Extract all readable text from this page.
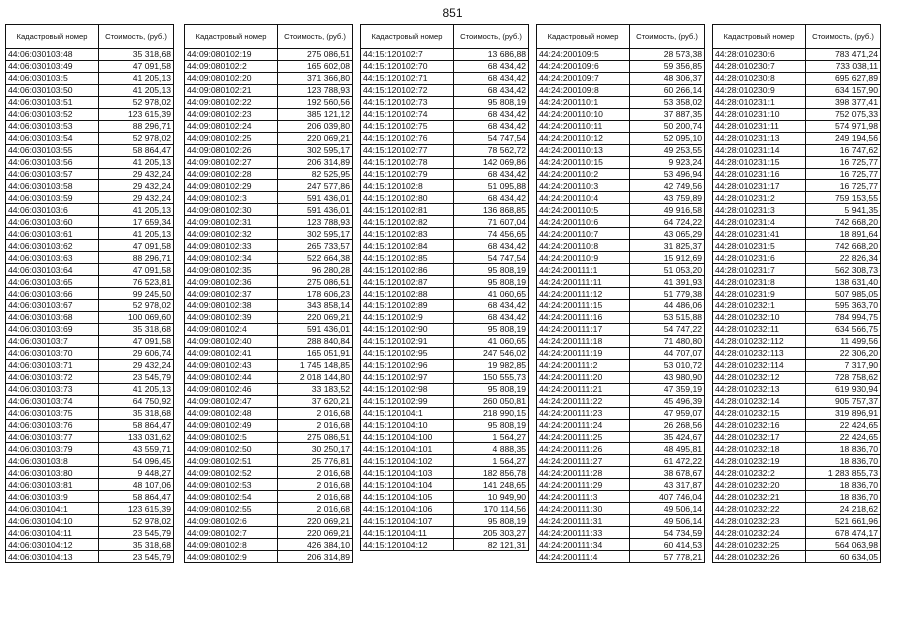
851
Кадастровый номер	Стоимость, (руб.)
44:06:030103:48	35 318,68
44:06:030103:49	47 091,58
44:06:030103:5	41 205,13
44:06:030103:50	41 205,13
44:06:030103:51	52 978,02
44:06:030103:52	123 615,39
44:06:030103:53	88 296,71
44:06:030103:54	52 978,02
44:06:030103:55	58 864,47
44:06:030103:56	41 205,13
44:06:030103:57	29 432,24
44:06:030103:58	29 432,24
44:06:030103:59	29 432,24
44:06:030103:6	41 205,13
44:06:030103:60	17 659,34
44:06:030103:61	41 205,13
44:06:030103:62	47 091,58
44:06:030103:63	88 296,71
44:06:030103:64	47 091,58
44:06:030103:65	76 523,81
44:06:030103:66	99 245,50
44:06:030103:67	52 978,02
44:06:030103:68	100 069,60
44:06:030103:69	35 318,68
44:06:030103:7	47 091,58
44:06:030103:70	29 606,74
44:06:030103:71	29 432,24
44:06:030103:72	23 545,79
44:06:030103:73	41 205,13
44:06:030103:74	64 750,92
44:06:030103:75	35 318,68
44:06:030103:76	58 864,47
44:06:030103:77	133 031,62
44:06:030103:79	43 559,71
44:06:030103:8	54 096,45
44:06:030103:80	9 448,27
44:06:030103:81	48 107,06
44:06:030103:9	58 864,47
44:06:030104:1	123 615,39
44:06:030104:10	52 978,02
44:06:030104:11	23 545,79
44:06:030104:12	35 318,68
44:06:030104:13	23 545,79
Кадастровый номер	Стоимость, (руб.)
44:09:080102:19	275 086,51
44:09:080102:2	165 602,08
44:09:080102:20	371 366,80
44:09:080102:21	123 788,93
44:09:080102:22	192 560,56
44:09:080102:23	385 121,12
44:09:080102:24	206 039,80
44:09:080102:25	220 069,21
44:09:080102:26	302 595,17
44:09:080102:27	206 314,89
44:09:080102:28	82 525,95
44:09:080102:29	247 577,86
44:09:080102:3	591 436,01
44:09:080102:30	591 436,01
44:09:080102:31	123 788,93
44:09:080102:32	302 595,17
44:09:080102:33	265 733,57
44:09:080102:34	522 664,38
44:09:080102:35	96 280,28
44:09:080102:36	275 086,51
44:09:080102:37	178 606,23
44:09:080102:38	343 858,14
44:09:080102:39	220 069,21
44:09:080102:4	591 436,01
44:09:080102:40	288 840,84
44:09:080102:41	165 051,91
44:09:080102:43	1 745 148,85
44:09:080102:44	2 018 144,80
44:09:080102:46	33 183,52
44:09:080102:47	37 620,21
44:09:080102:48	2 016,68
44:09:080102:49	2 016,68
44:09:080102:5	275 086,51
44:09:080102:50	30 250,17
44:09:080102:51	25 776,81
44:09:080102:52	2 016,68
44:09:080102:53	2 016,68
44:09:080102:54	2 016,68
44:09:080102:55	2 016,68
44:09:080102:6	220 069,21
44:09:080102:7	220 069,21
44:09:080102:8	426 384,10
44:09:080102:9	206 314,89
Кадастровый номер	Стоимость, (руб.)
44:15:120102:7	13 686,88
44:15:120102:70	68 434,42
44:15:120102:71	68 434,42
44:15:120102:72	68 434,42
44:15:120102:73	95 808,19
44:15:120102:74	68 434,42
44:15:120102:75	68 434,42
44:15:120102:76	54 747,54
44:15:120102:77	78 562,72
44:15:120102:78	142 069,86
44:15:120102:79	68 434,42
44:15:120102:8	51 095,88
44:15:120102:80	68 434,42
44:15:120102:81	136 868,85
44:15:120102:82	71 607,04
44:15:120102:83	74 456,65
44:15:120102:84	68 434,42
44:15:120102:85	54 747,54
44:15:120102:86	95 808,19
44:15:120102:87	95 808,19
44:15:120102:88	41 060,65
44:15:120102:89	68 434,42
44:15:120102:9	68 434,42
44:15:120102:90	95 808,19
44:15:120102:91	41 060,65
44:15:120102:95	247 546,02
44:15:120102:96	19 982,85
44:15:120102:97	150 555,73
44:15:120102:98	95 808,19
44:15:120102:99	260 050,81
44:15:120104:1	218 990,15
44:15:120104:10	95 808,19
44:15:120104:100	1 564,27
44:15:120104:101	4 888,35
44:15:120104:102	1 564,27
44:15:120104:103	182 856,78
44:15:120104:104	141 248,65
44:15:120104:105	10 949,90
44:15:120104:106	170 114,56
44:15:120104:107	95 808,19
44:15:120104:11	205 303,27
44:15:120104:12	82 121,31
Кадастровый номер	Стоимость, (руб.)
44:24:200109:5	28 573,38
44:24:200109:6	59 356,85
44:24:200109:7	48 306,37
44:24:200109:8	60 266,14
44:24:200110:1	53 358,02
44:24:200110:10	37 887,35
44:24:200110:11	50 200,74
44:24:200110:12	52 095,10
44:24:200110:13	49 253,55
44:24:200110:15	9 923,24
44:24:200110:2	53 496,94
44:24:200110:3	42 749,56
44:24:200110:4	43 759,89
44:24:200110:5	49 916,58
44:24:200110:6	64 724,22
44:24:200110:7	43 065,29
44:24:200110:8	31 825,37
44:24:200110:9	15 912,69
44:24:200111:1	51 053,20
44:24:200111:11	41 391,93
44:24:200111:12	51 779,38
44:24:200111:15	44 486,06
44:24:200111:16	53 515,88
44:24:200111:17	54 747,22
44:24:200111:18	71 480,80
44:24:200111:19	44 707,07
44:24:200111:2	53 010,72
44:24:200111:20	43 980,90
44:24:200111:21	47 359,19
44:24:200111:22	45 496,39
44:24:200111:23	47 959,07
44:24:200111:24	26 268,56
44:24:200111:25	35 424,67
44:24:200111:26	48 495,81
44:24:200111:27	61 472,22
44:24:200111:28	38 678,67
44:24:200111:29	43 317,87
44:24:200111:3	407 746,04
44:24:200111:30	49 506,14
44:24:200111:31	49 506,14
44:24:200111:33	54 734,59
44:24:200111:34	60 414,53
44:24:200111:4	57 778,21
Кадастровый номер	Стоимость, (руб.)
44:28:010230:6	783 471,24
44:28:010230:7	733 038,11
44:28:010230:8	695 627,89
44:28:010230:9	634 157,90
44:28:010231:1	398 377,41
44:28:010231:10	752 075,33
44:28:010231:11	574 971,98
44:28:010231:13	249 194,56
44:28:010231:14	16 747,62
44:28:010231:15	16 725,77
44:28:010231:16	16 725,77
44:28:010231:17	16 725,77
44:28:010231:2	759 153,55
44:28:010231:3	5 941,35
44:28:010231:4	742 668,20
44:28:010231:41	18 891,64
44:28:010231:5	742 668,20
44:28:010231:6	22 826,34
44:28:010231:7	562 308,73
44:28:010231:8	138 631,40
44:28:010231:9	507 985,05
44:28:010232:1	595 363,70
44:28:010232:10	784 994,75
44:28:010232:11	634 566,75
44:28:010232:112	11 499,56
44:28:010232:113	22 306,20
44:28:010232:114	7 317,90
44:28:010232:12	728 758,62
44:28:010232:13	619 930,94
44:28:010232:14	905 757,37
44:28:010232:15	319 896,91
44:28:010232:16	22 424,65
44:28:010232:17	22 424,65
44:28:010232:18	18 836,70
44:28:010232:19	18 836,70
44:28:010232:2	1 283 855,73
44:28:010232:20	18 836,70
44:28:010232:21	18 836,70
44:28:010232:22	24 218,62
44:28:010232:23	521 661,96
44:28:010232:24	678 474,17
44:28:010232:25	564 063,98
44:28:010232:26	60 634,05
